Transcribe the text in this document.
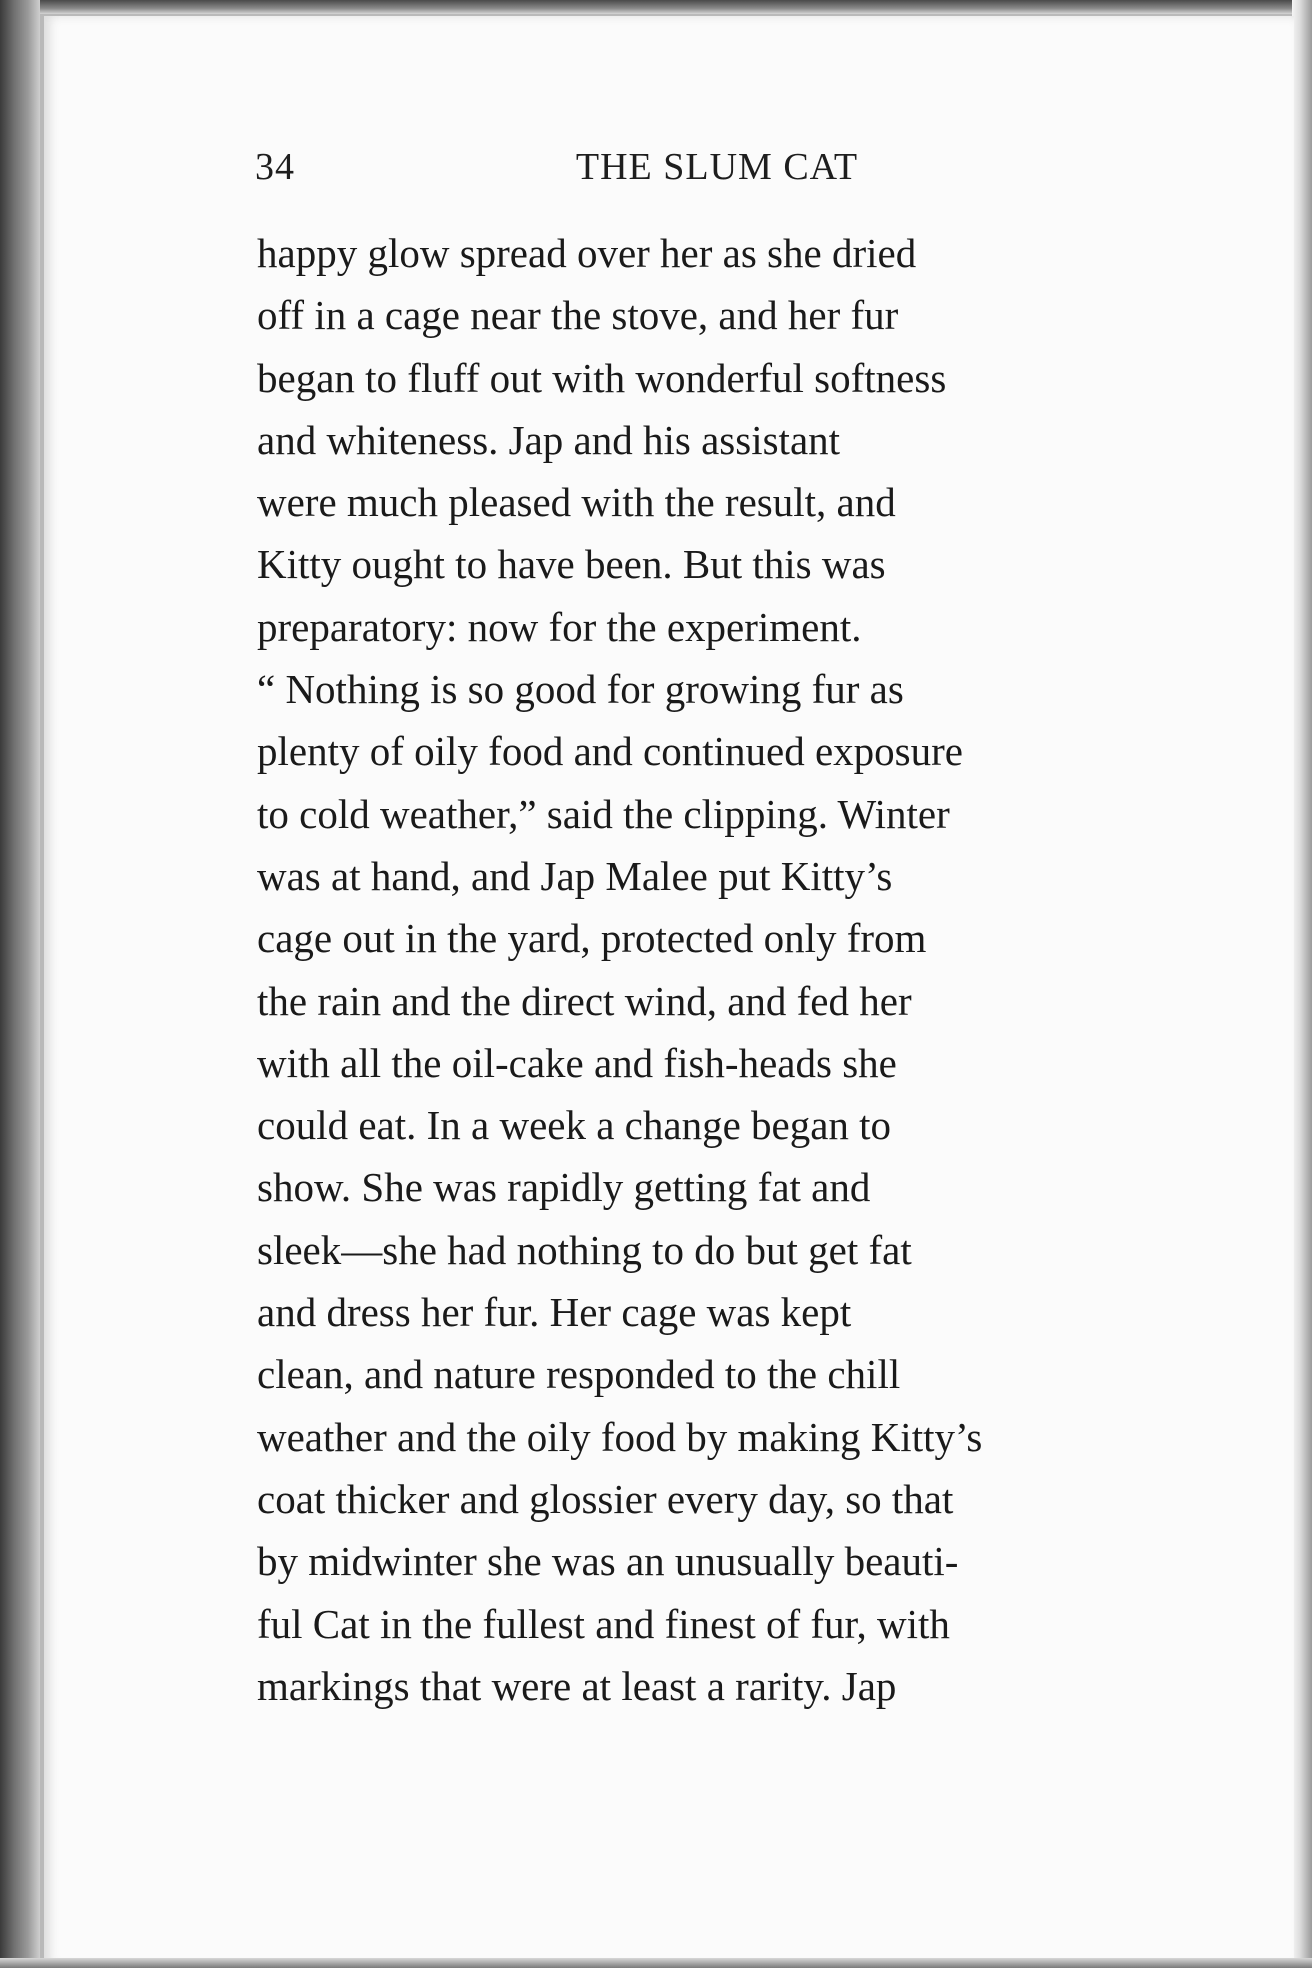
34	THE SLUM CAT
happy glow spread over her as she dried
off in a cage near the stove, and her fur
began to fluff out with wonderful softness
and whiteness. Jap and his assistant
were much pleased with the result, and
Kitty ought to have been. But this was
preparatory: now for the experiment.
“ Nothing is so good for growing fur as
plenty of oily food and continued exposure
to cold weather,” said the clipping. Winter
was at hand, and Jap Malee put Kitty’s
cage out in the yard, protected only from
the rain and the direct wind, and fed her
with all the oil-cake and fish-heads she
could eat. In a week a change began to
show. She was rapidly getting fat and
sleek—she had nothing to do but get fat
and dress her fur. Her cage was kept
clean, and nature responded to the chill
weather and the oily food by making Kitty’s
coat thicker and glossier every day, so that
by midwinter she was an unusually beauti-
ful Cat in the fullest and finest of fur, with
markings that were at least a rarity. Jap
